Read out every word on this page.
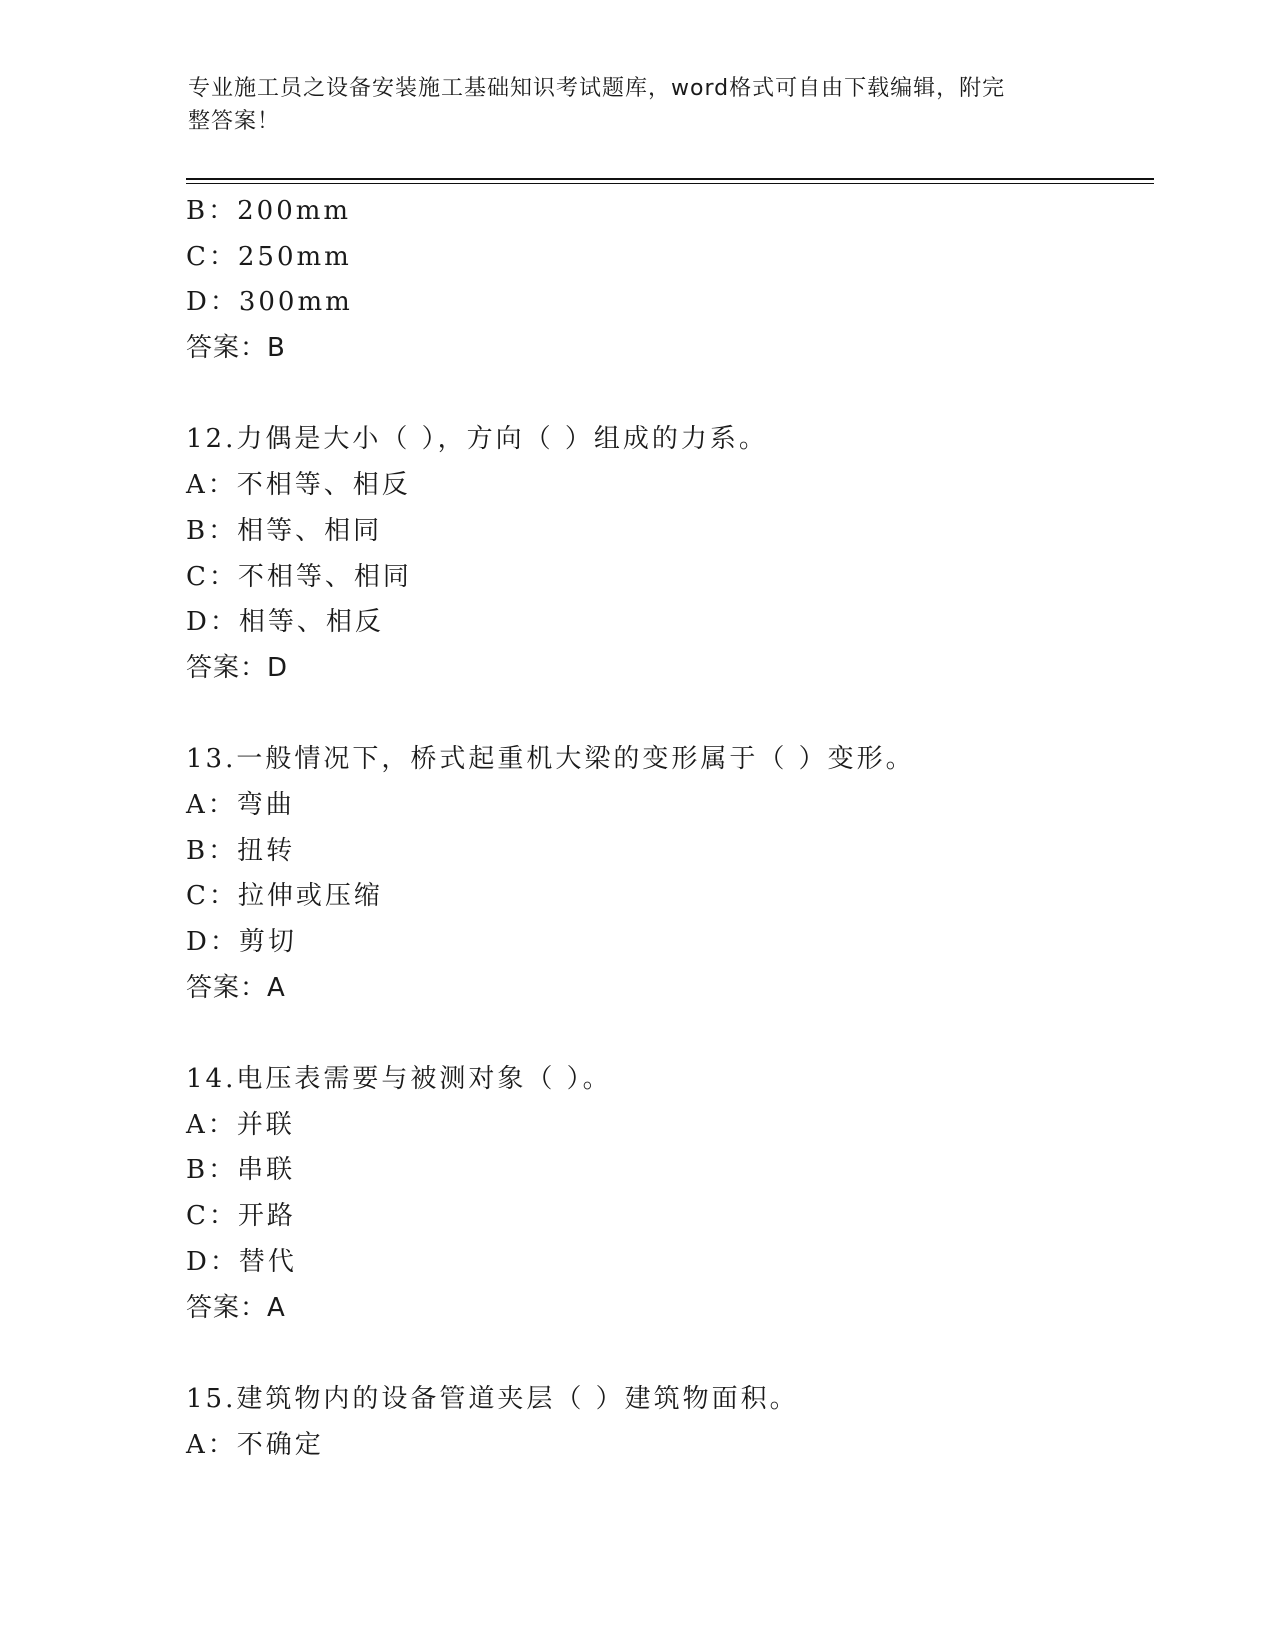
专业施工员之设备安装施工基础知识考试题库，word格式可自由下载编辑，附完
整答案！
B：200mm
C：250mm
D：300mm
答案：B
12.力偶是大小（ ），方向（ ）组成的力系。
A：不相等、相反
B：相等、相同
C：不相等、相同
D：相等、相反
答案：D
13.一般情况下，桥式起重机大梁的变形属于（ ）变形。
A：弯曲
B：扭转
C：拉伸或压缩
D：剪切
答案：A
14.电压表需要与被测对象（ ）。
A：并联
B：串联
C：开路
D：替代
答案：A
15.建筑物内的设备管道夹层（ ）建筑物面积。
A：不确定
